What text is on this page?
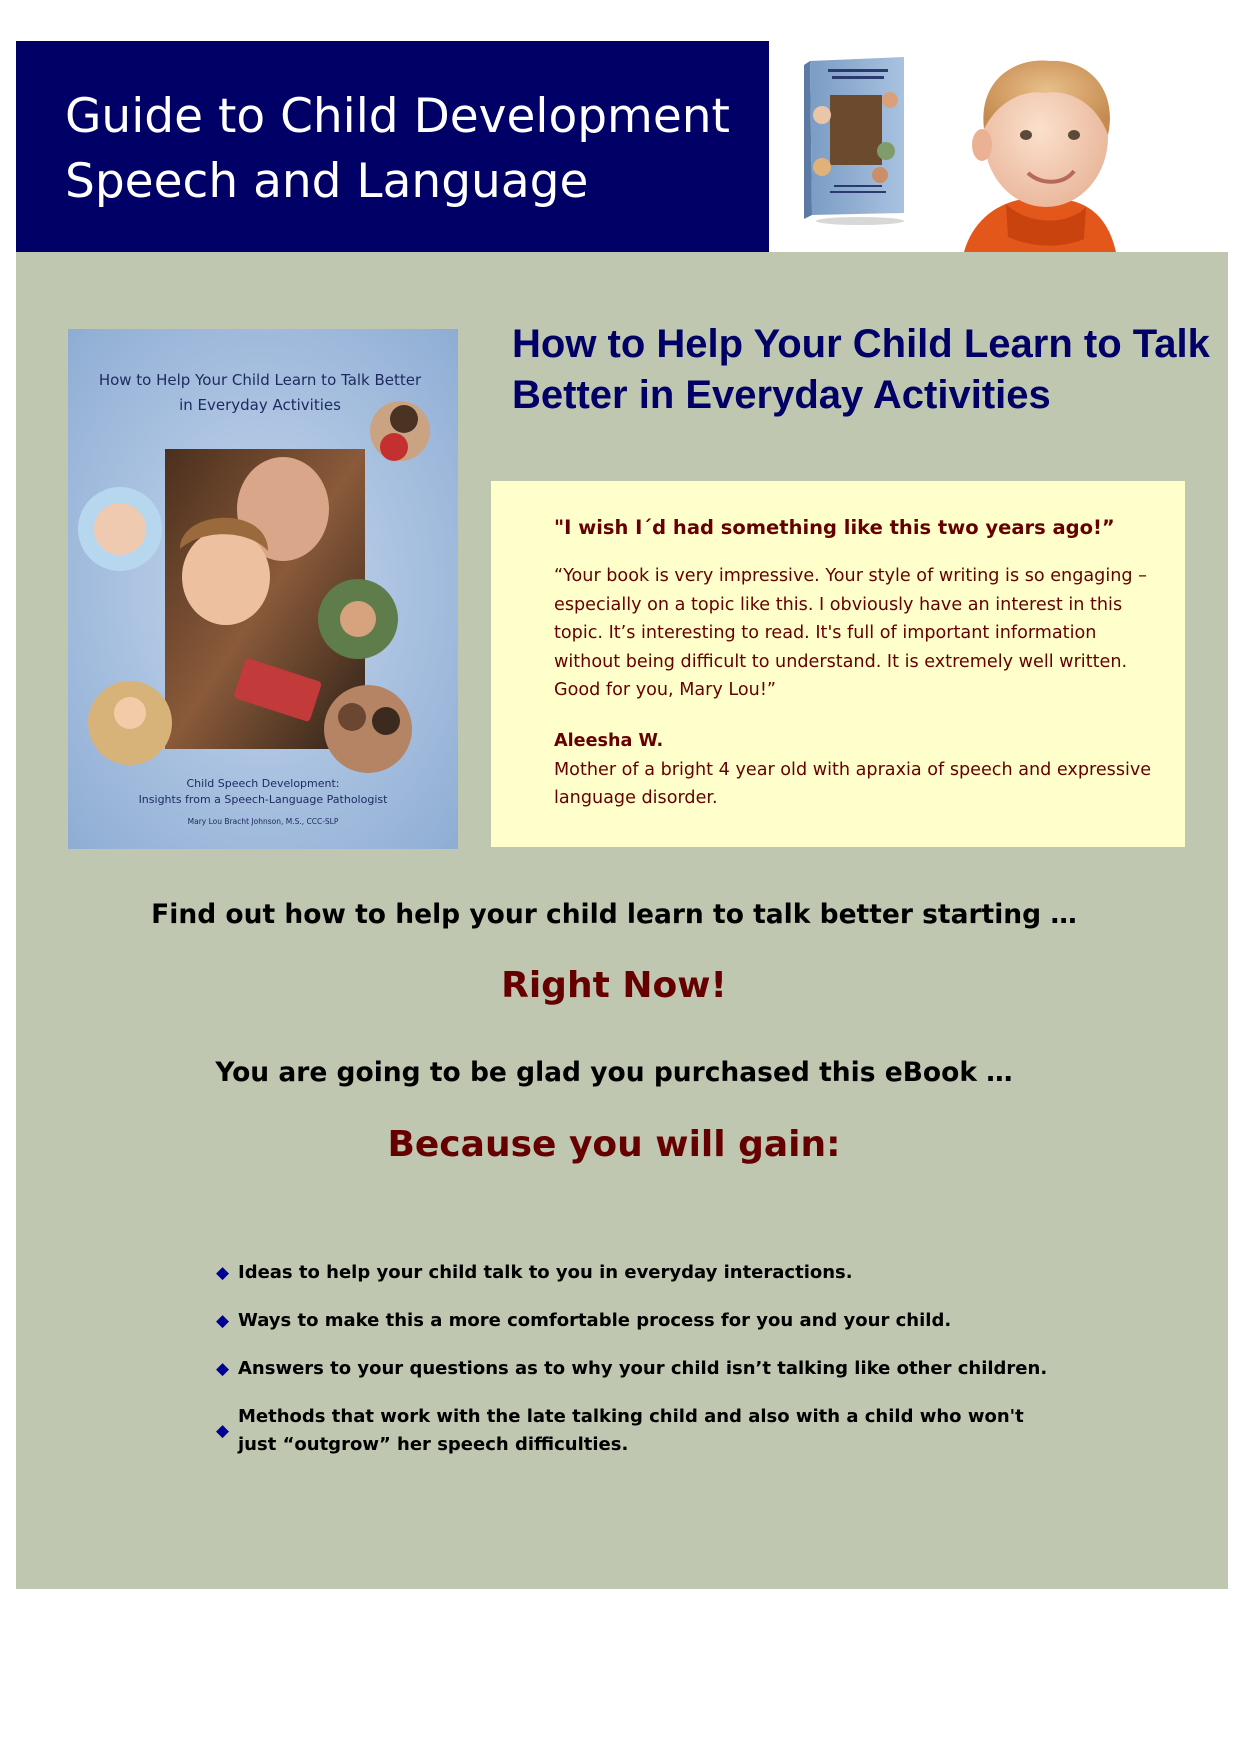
Guide to Child Development
Speech and Language
How to Help Your Child Learn to Talk Better
in Everyday Activities
Child Speech Development:
Insights from a Speech-Language Pathologist
Mary Lou Bracht Johnson, M.S., CCC-SLP
How to Help Your Child Learn to Talk Better in Everyday Activities
"I wish I´d had something like this two years ago!”
“Your book is very impressive. Your style of writing is so engaging – especially on a topic like this. I obviously have an interest in this topic. It’s interesting to read. It's full of important information without being difficult to understand. It is extremely well written. Good for you, Mary Lou!”
Aleesha W.
Mother of a bright 4 year old with apraxia of speech and expressive language disorder.
Find out how to help your child learn to talk better starting …
Right Now!
You are going to be glad you purchased this eBook …
Because you will gain:
◆ Ideas to help your child talk to you in everyday interactions.
◆ Ways to make this a more comfortable process for you and your child.
◆ Answers to your questions as to why your child isn’t talking like other children.
◆
Methods that work with the late talking child and also with a child who won't just “outgrow” her speech difficulties.
